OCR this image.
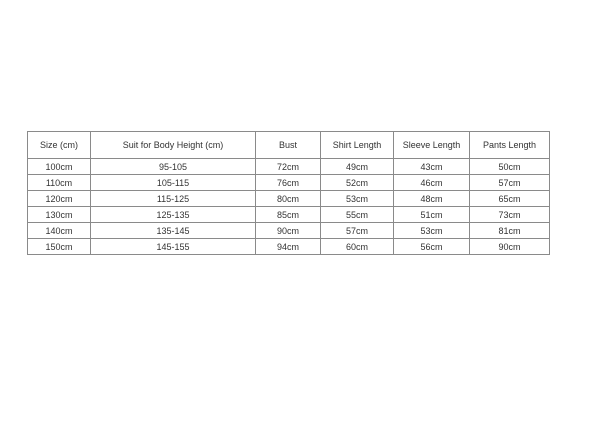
Size (cm)	Suit for Body Height (cm)	Bust	Shirt Length	Sleeve Length	Pants Length
100cm	95-105	72cm	49cm	43cm	50cm
110cm	105-115	76cm	52cm	46cm	57cm
120cm	115-125	80cm	53cm	48cm	65cm
130cm	125-135	85cm	55cm	51cm	73cm
140cm	135-145	90cm	57cm	53cm	81cm
150cm	145-155	94cm	60cm	56cm	90cm
